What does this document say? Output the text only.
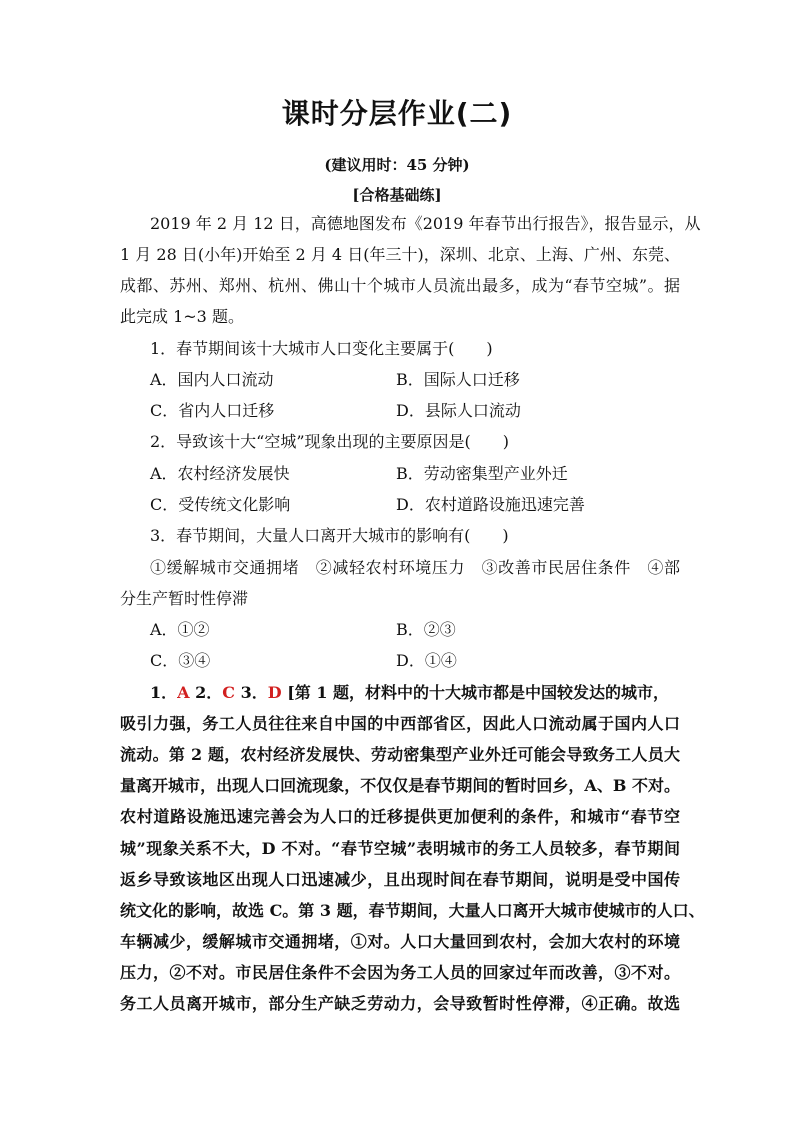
课时分层作业(二)
(建议用时：45 分钟)
[合格基础练]
2019 年 2 月 12 日，高德地图发布《2019 年春节出行报告》，报告显示，从
1 月 28 日(小年)开始至 2 月 4 日(年三十)，深圳、北京、上海、广州、东莞、
成都、苏州、郑州、杭州、佛山十个城市人员流出最多，成为“春节空城”。据
此完成 1~3 题。
1．春节期间该十大城市人口变化主要属于(　　)
A．国内人口流动	B．国际人口迁移
C．省内人口迁移	D．县际人口流动
2．导致该十大“空城”现象出现的主要原因是(　　)
A．农村经济发展快	B．劳动密集型产业外迁
C．受传统文化影响	D．农村道路设施迅速完善
3．春节期间，大量人口离开大城市的影响有(　　)
①缓解城市交通拥堵　②减轻农村环境压力　③改善市民居住条件　④部
分生产暂时性停滞
A．①②	B．②③
C．③④	D．①④
1．A 2．C 3．D [第 1 题，材料中的十大城市都是中国较发达的城市，
吸引力强，务工人员往往来自中国的中西部省区，因此人口流动属于国内人口
流动。第 2 题，农村经济发展快、劳动密集型产业外迁可能会导致务工人员大
量离开城市，出现人口回流现象，不仅仅是春节期间的暂时回乡，A、B 不对。
农村道路设施迅速完善会为人口的迁移提供更加便利的条件，和城市“春节空
城”现象关系不大，D 不对。“春节空城”表明城市的务工人员较多，春节期间
返乡导致该地区出现人口迅速减少，且出现时间在春节期间，说明是受中国传
统文化的影响，故选 C。第 3 题，春节期间，大量人口离开大城市使城市的人口、
车辆减少，缓解城市交通拥堵，①对。人口大量回到农村，会加大农村的环境
压力，②不对。市民居住条件不会因为务工人员的回家过年而改善，③不对。
务工人员离开城市，部分生产缺乏劳动力，会导致暂时性停滞，④正确。故选
